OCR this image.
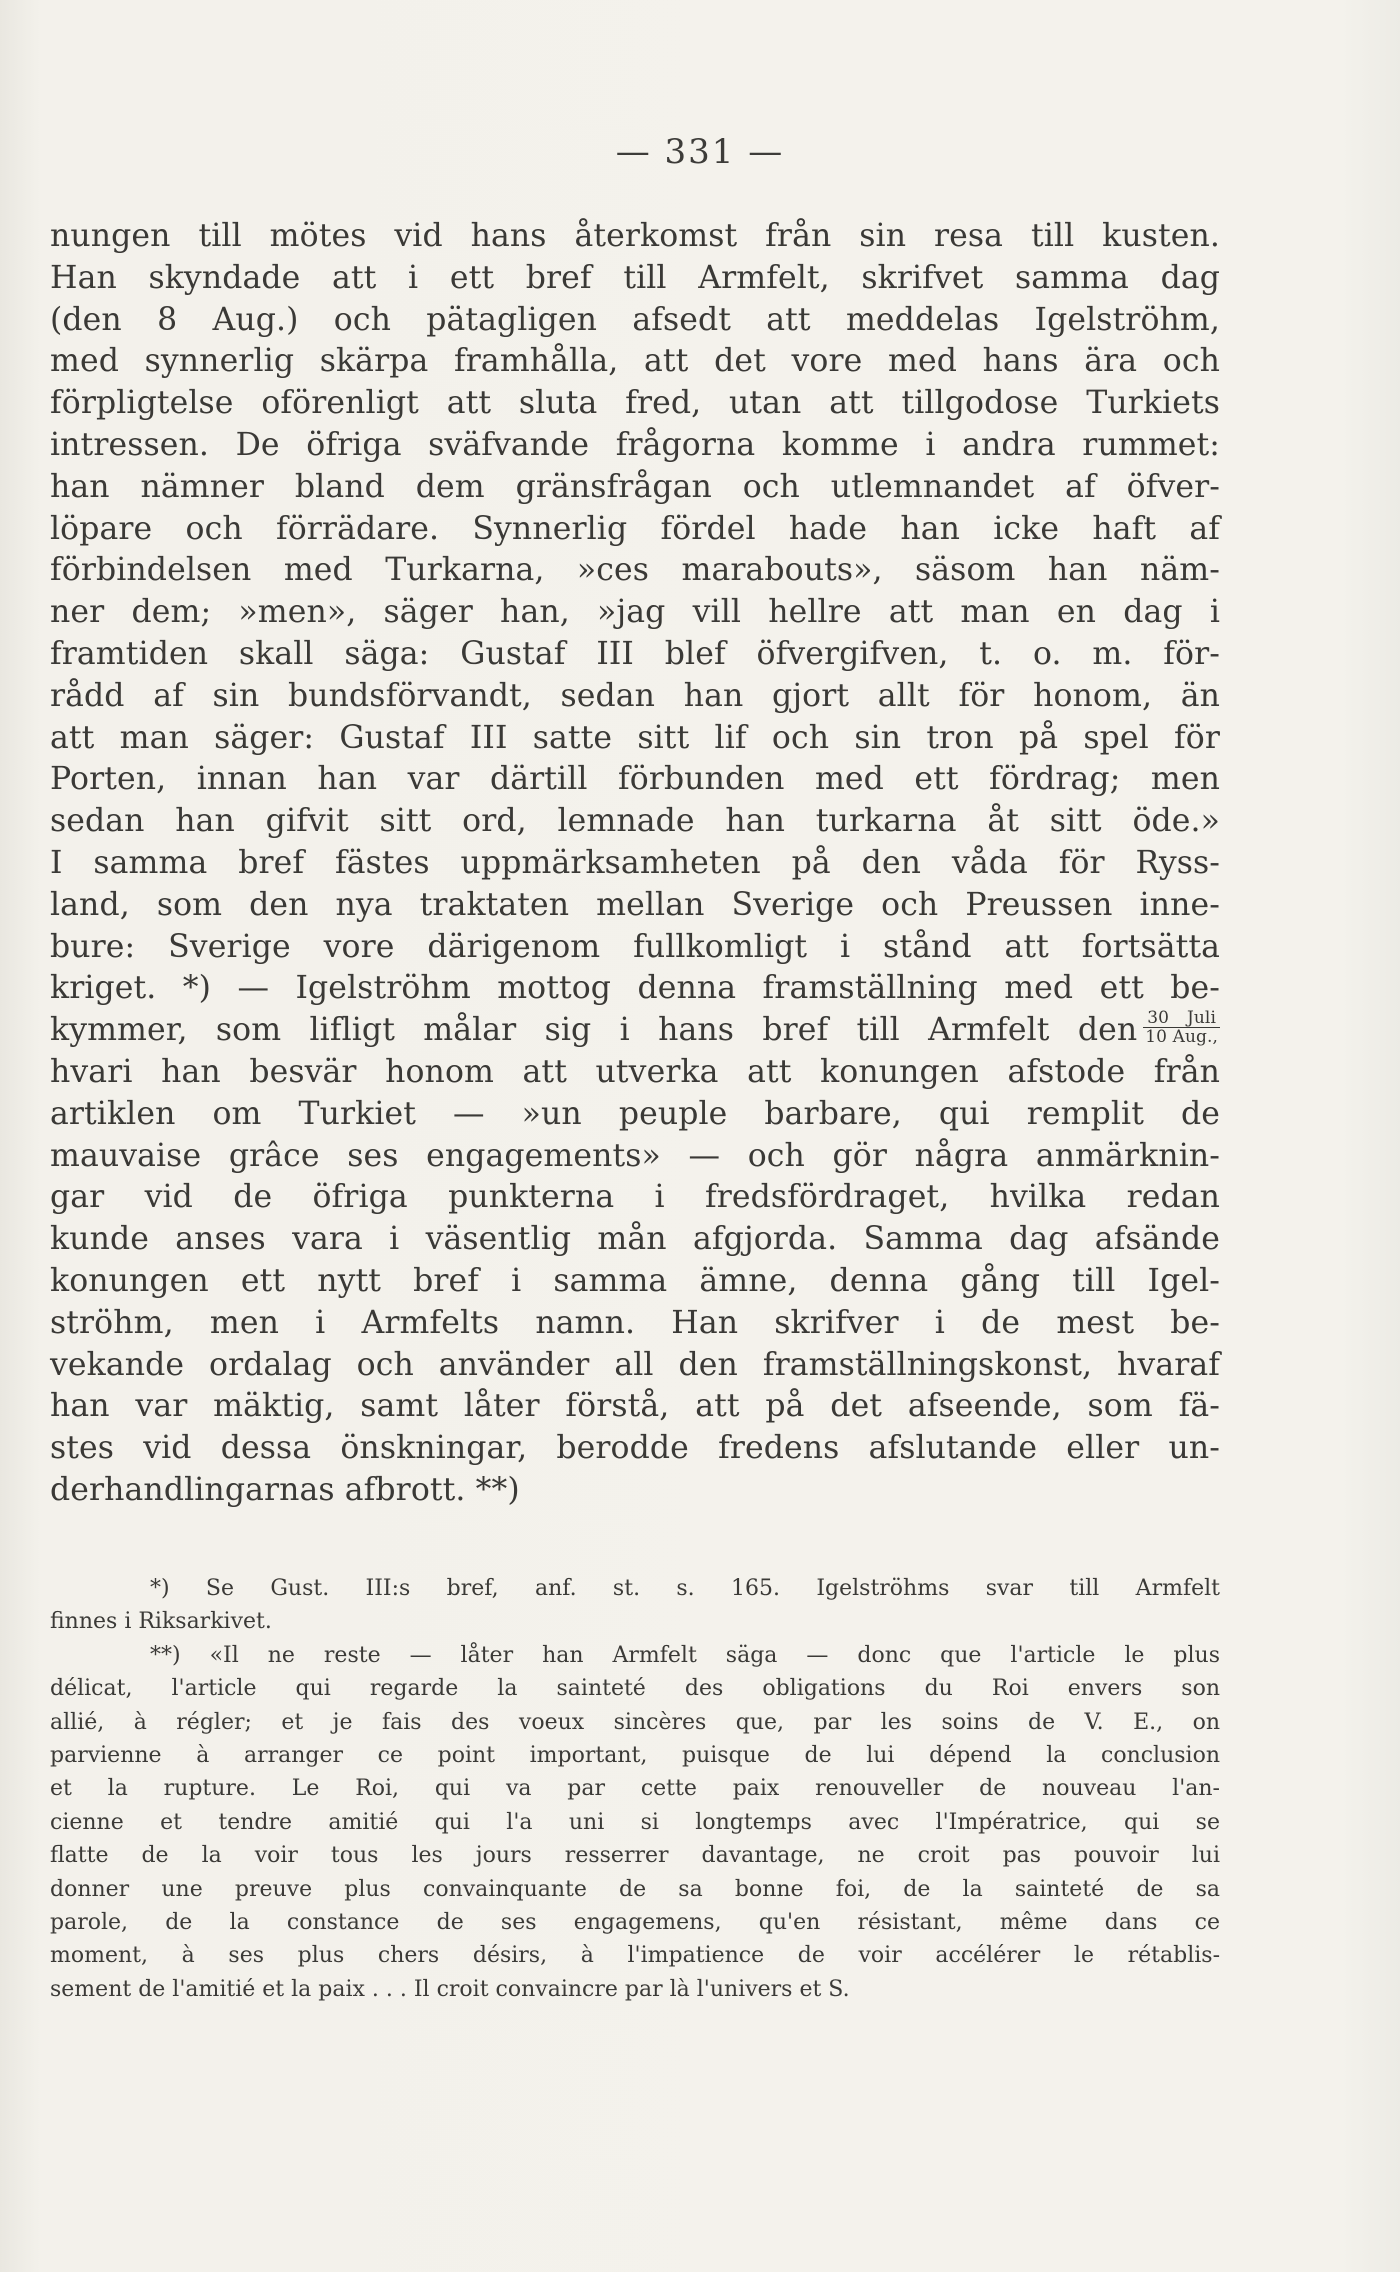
— 331 —
nungen till mötes vid hans återkomst från sin resa till kusten.
Han skyndade att i ett bref till Armfelt, skrifvet samma dag
(den 8 Aug.) och pätagligen afsedt att meddelas Igelströhm,
med synnerlig skärpa framhålla, att det vore med hans ära och
förpligtelse oförenligt att sluta fred, utan att tillgodose Turkiets
intressen. De öfriga sväfvande frågorna komme i andra rummet:
han nämner bland dem gränsfrågan och utlemnandet af öfver-
löpare och förrädare. Synnerlig fördel hade han icke haft af
förbindelsen med Turkarna, »ces marabouts», säsom han näm-
ner dem; »men», säger han, »jag vill hellre att man en dag i
framtiden skall säga: Gustaf III blef öfvergifven, t. o. m. för-
rådd af sin bundsförvandt, sedan han gjort allt för honom, än
att man säger: Gustaf III satte sitt lif och sin tron på spel för
Porten, innan han var därtill förbunden med ett fördrag; men
sedan han gifvit sitt ord, lemnade han turkarna åt sitt öde.»
I samma bref fästes uppmärksamheten på den våda för Ryss-
land, som den nya traktaten mellan Sverige och Preussen inne-
bure: Sverige vore därigenom fullkomligt i stånd att fortsätta
kriget. *) — Igelströhm mottog denna framställning med ett be-
kymmer, som lifligt målar sig i hans bref till Armfelt den $\frac{\text{30 Juli}}{\text{10 Aug.,}}$
hvari han besvär honom att utverka att konungen afstode från
artiklen om Turkiet — »un peuple barbare, qui remplit de
mauvaise grâce ses engagements» — och gör några anmärknin-
gar vid de öfriga punkterna i fredsfördraget, hvilka redan
kunde anses vara i väsentlig mån afgjorda. Samma dag afsände
konungen ett nytt bref i samma ämne, denna gång till Igel-
ströhm, men i Armfelts namn. Han skrifver i de mest be-
vekande ordalag och använder all den framställningskonst, hvaraf
han var mäktig, samt låter förstå, att på det afseende, som fä-
stes vid dessa önskningar, berodde fredens afslutande eller un-
derhandlingarnas afbrott. **)
*) Se Gust. III:s bref, anf. st. s. 165. Igelströhms svar till Armfelt
finnes i Riksarkivet.
**) «Il ne reste — låter han Armfelt säga — donc que l'article le plus
délicat, l'article qui regarde la sainteté des obligations du Roi envers son
allié, à régler; et je fais des voeux sincères que, par les soins de V. E., on
parvienne à arranger ce point important, puisque de lui dépend la conclusion
et la rupture. Le Roi, qui va par cette paix renouveller de nouveau l'an-
cienne et tendre amitié qui l'a uni si longtemps avec l'Impératrice, qui se
flatte de la voir tous les jours resserrer davantage, ne croit pas pouvoir lui
donner une preuve plus convainquante de sa bonne foi, de la sainteté de sa
parole, de la constance de ses engagemens, qu'en résistant, même dans ce
moment, à ses plus chers désirs, à l'impatience de voir accélérer le rétablis-
sement de l'amitié et la paix . . . Il croit convaincre par là l'univers et S.
